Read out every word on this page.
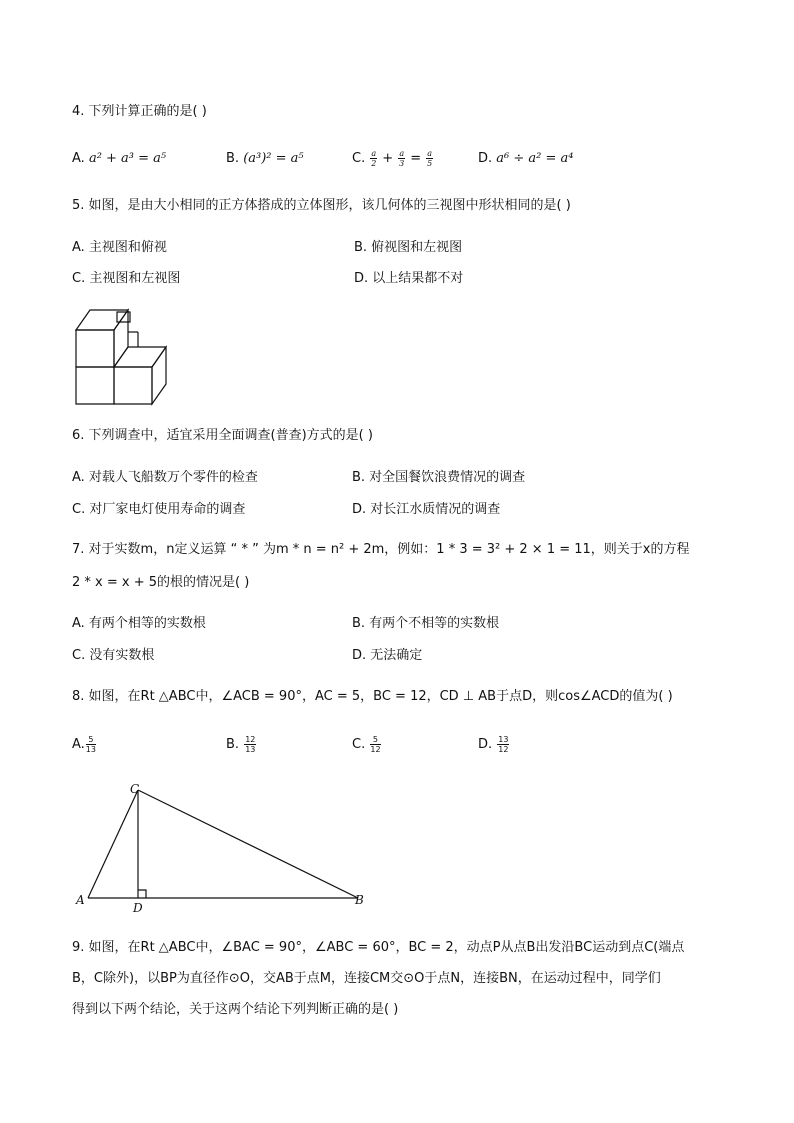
4. 下列计算正确的是( )
A. a² + a³ = a⁵	B. (a³)² = a⁵	C. $\frac{a}{2} + \frac{a}{3} = \frac{a}{5}$	D. a⁶ ÷ a² = a⁴
5. 如图，是由大小相同的正方体搭成的立体图形，该几何体的三视图中形状相同的是( )
A. 主视图和俯视	B. 俯视图和左视图
C. 主视图和左视图	D. 以上结果都不对
6. 下列调查中，适宜采用全面调查(普查)方式的是( )
A. 对载人飞船数万个零件的检查	B. 对全国餐饮浪费情况的调查
C. 对厂家电灯使用寿命的调查	D. 对长江水质情况的调查
7. 对于实数m，n定义运算 “ * ” 为m * n = n² + 2m，例如：1 * 3 = 3² + 2 × 1 = 11，则关于x的方程
2 * x = x + 5的根的情况是( )
A. 有两个相等的实数根	B. 有两个不相等的实数根
C. 没有实数根	D. 无法确定
8. 如图，在Rt △ABC中，∠ACB = 90°，AC = 5，BC = 12，CD ⊥ AB于点D，则cos∠ACD的值为( )
A. $\frac{5}{13}$	B. $\frac{12}{13}$	C. $\frac{5}{12}$	D. $\frac{13}{12}$
C
A
D
B
9. 如图，在Rt △ABC中，∠BAC = 90°，∠ABC = 60°，BC = 2，动点P从点B出发沿BC运动到点C(端点
B，C除外)，以BP为直径作⊙O，交AB于点M，连接CM交⊙O于点N，连接BN，在运动过程中，同学们
得到以下两个结论，关于这两个结论下列判断正确的是( )
